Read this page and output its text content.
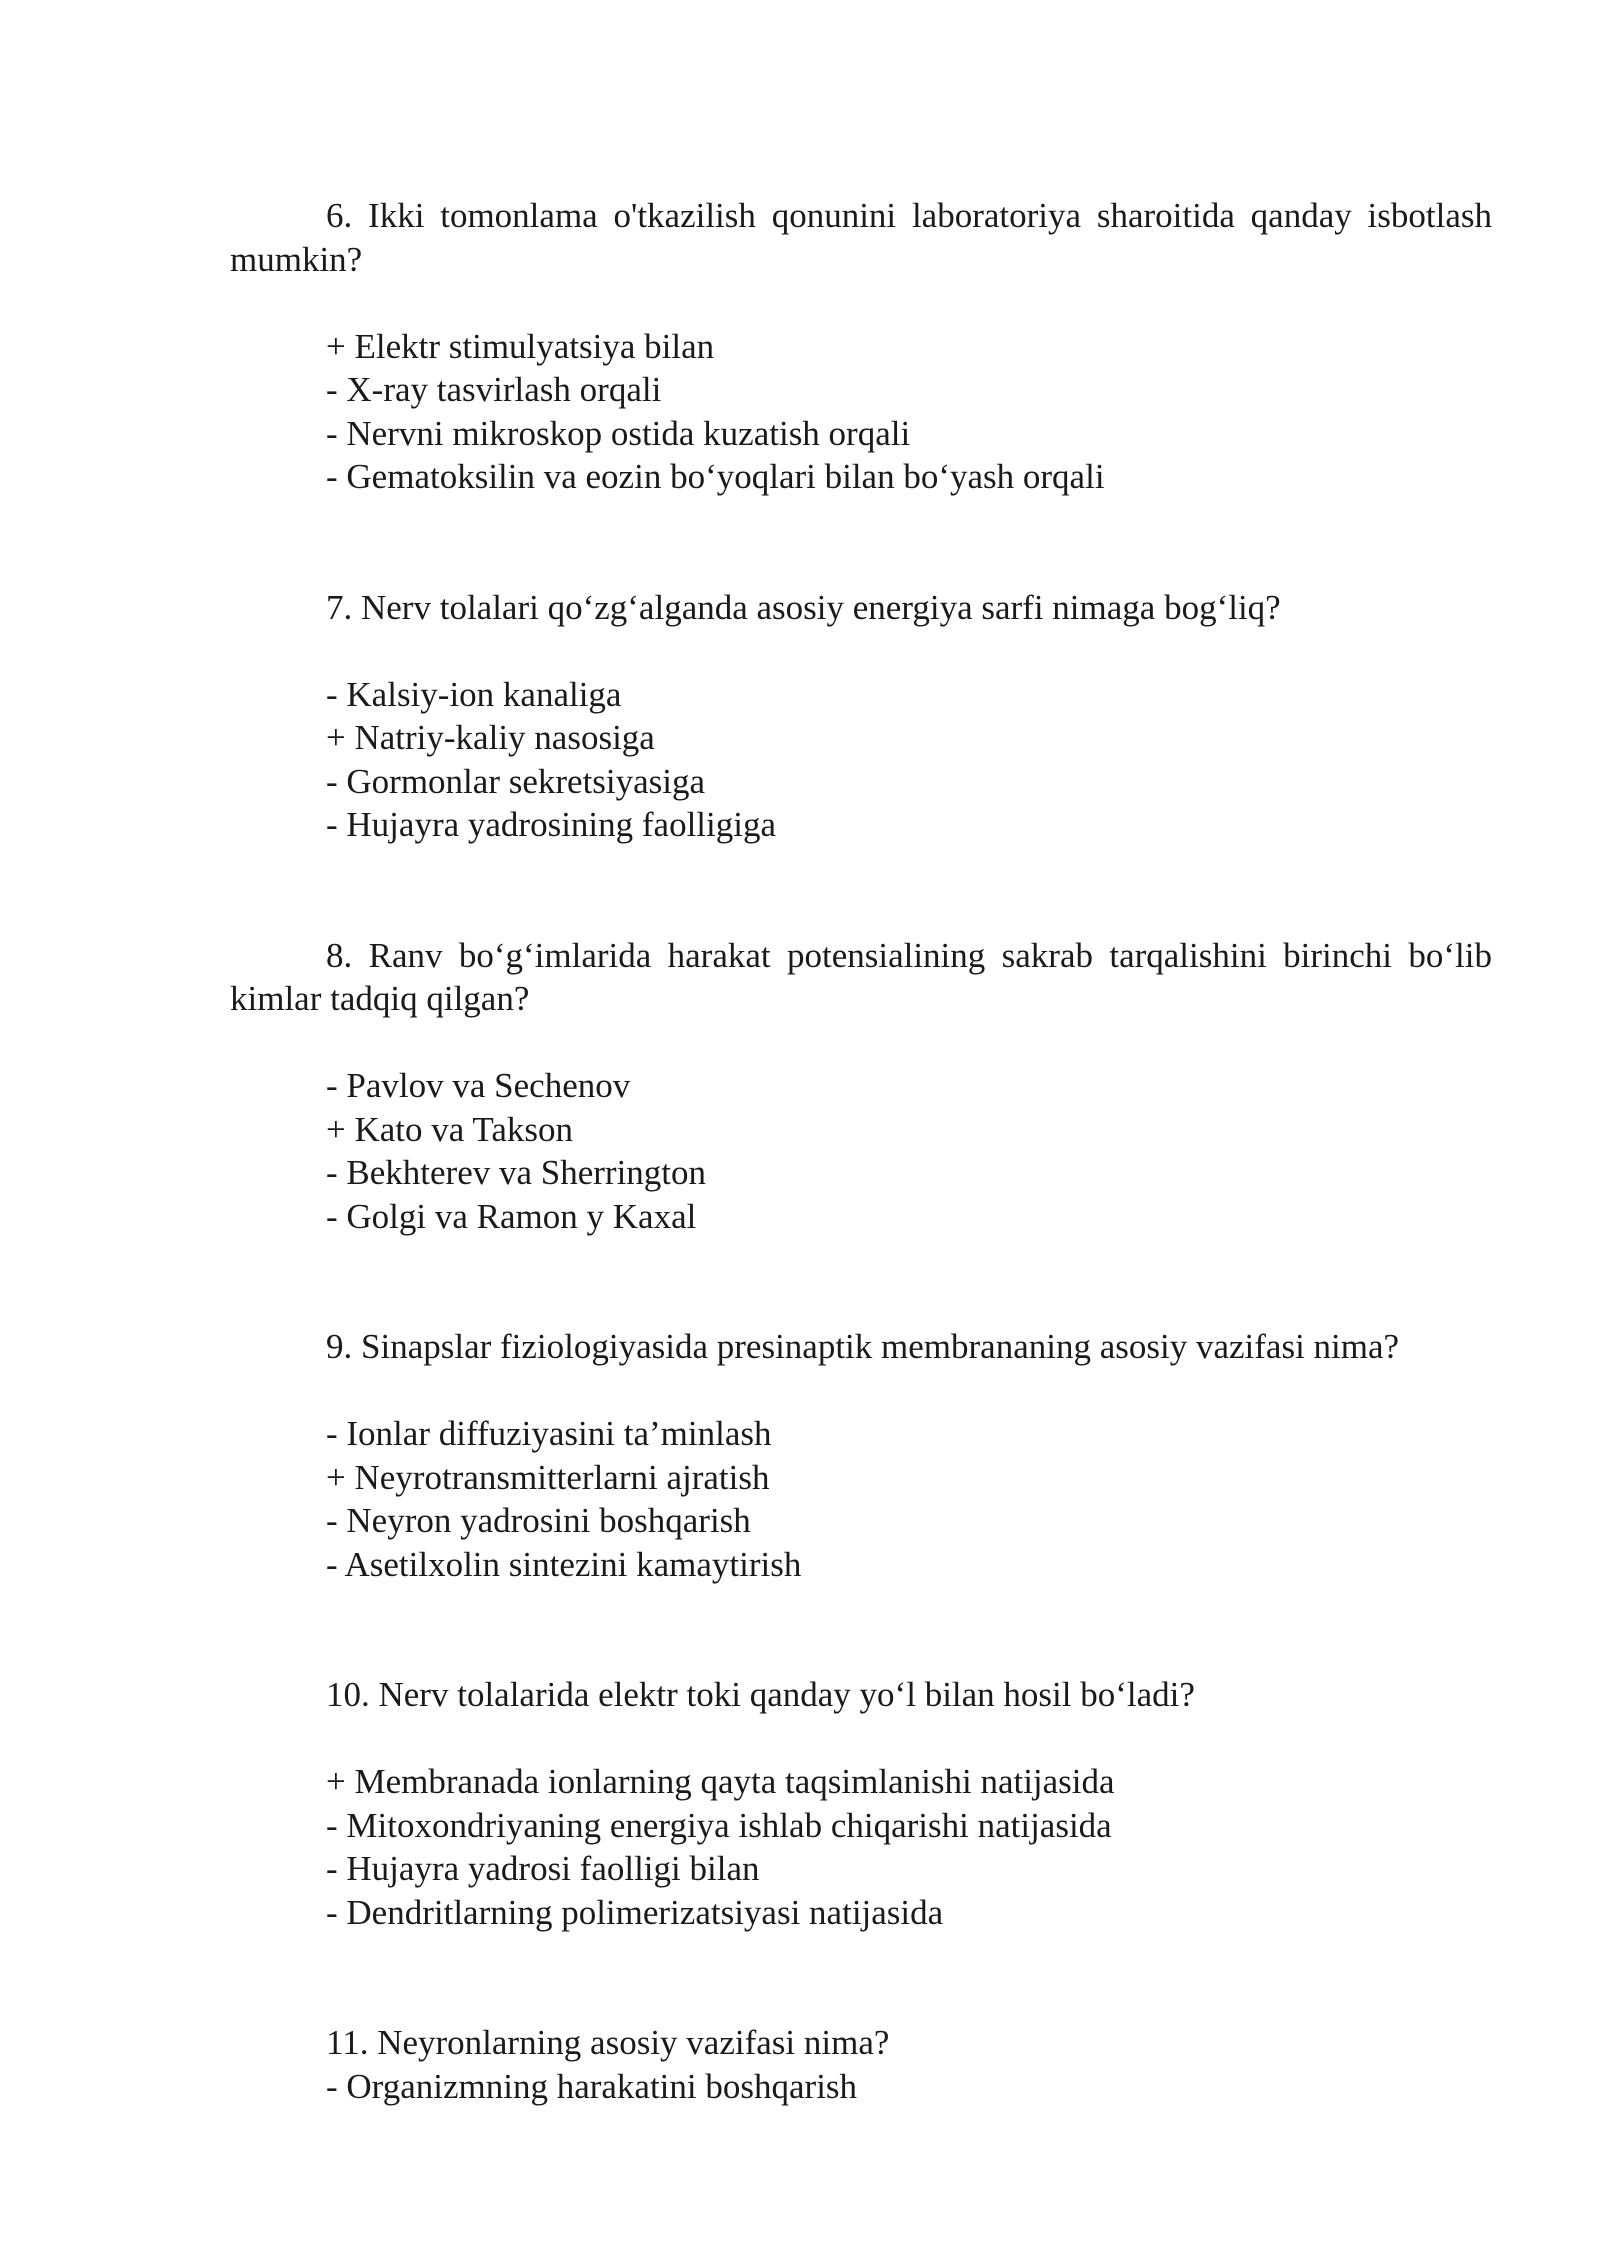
6. Ikki tomonlama o'tkazilish qonunini laboratoriya sharoitida qanday isbotlash mumkin?

+ Elektr stimulyatsiya bilan
- X-ray tasvirlash orqali
- Nervni mikroskop ostida kuzatish orqali
- Gematoksilin va eozin bo‘yoqlari bilan bo‘yash orqali

7. Nerv tolalari qo‘zg‘alganda asosiy energiya sarfi nimaga bog‘liq?

- Kalsiy-ion kanaliga
+ Natriy-kaliy nasosiga
- Gormonlar sekretsiyasiga
- Hujayra yadrosining faolligiga

8. Ranv bo‘g‘imlarida harakat potensialining sakrab tarqalishini birinchi bo‘lib kimlar tadqiq qilgan?

- Pavlov va Sechenov
+ Kato va Takson
- Bekhterev va Sherrington
- Golgi va Ramon y Kaxal

9. Sinapslar fiziologiyasida presinaptik membrananing asosiy vazifasi nima?

- Ionlar diffuziyasini ta’minlash
+ Neyrotransmitterlarni ajratish
- Neyron yadrosini boshqarish
- Asetilxolin sintezini kamaytirish

10. Nerv tolalarida elektr toki qanday yo‘l bilan hosil bo‘ladi?

+ Membranada ionlarning qayta taqsimlanishi natijasida
- Mitoxondriyaning energiya ishlab chiqarishi natijasida
- Hujayra yadrosi faolligi bilan
- Dendritlarning polimerizatsiyasi natijasida

11. Neyronlarning asosiy vazifasi nima?

- Organizmning harakatini boshqarish
